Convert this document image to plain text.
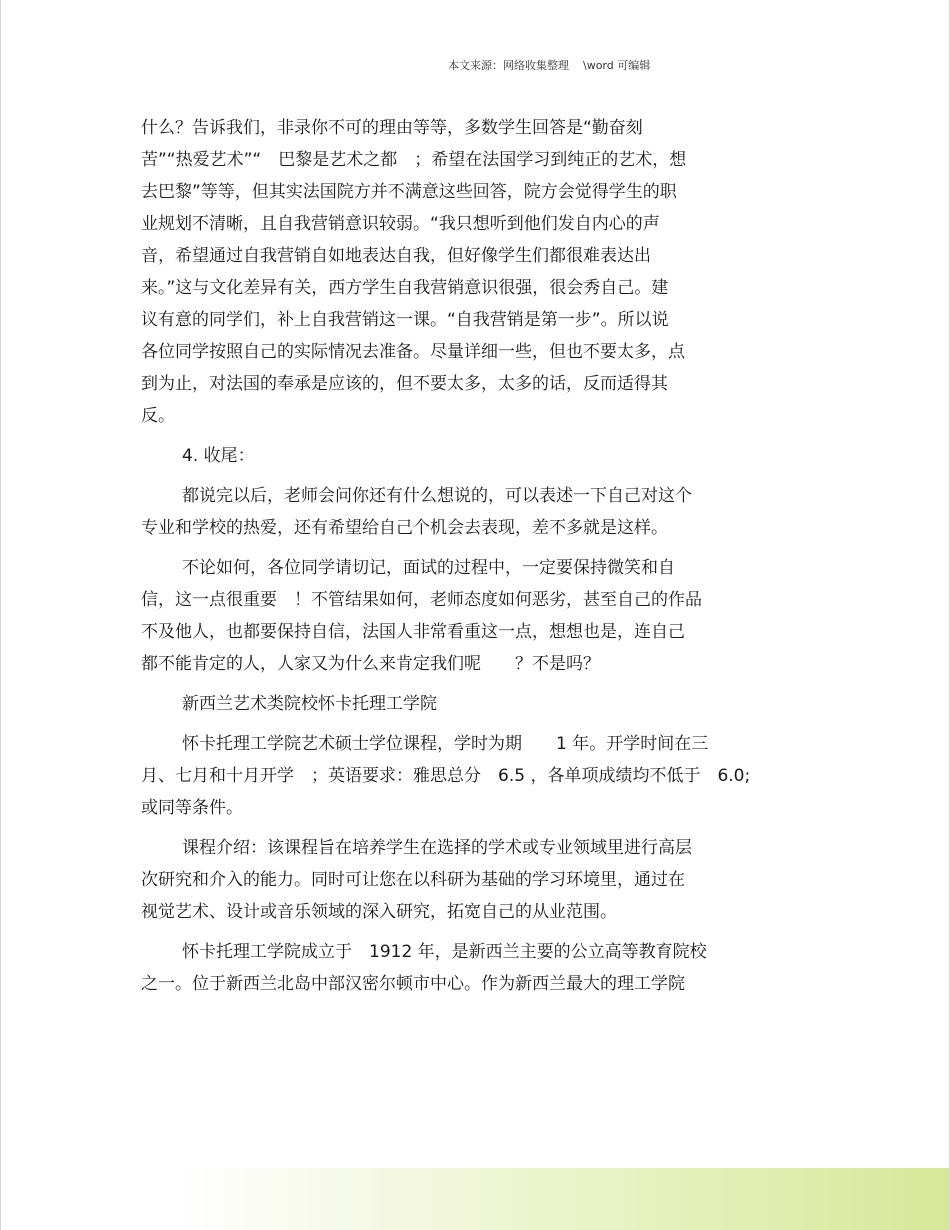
本文来源：网络收集整理 \word 可编辑
什么？告诉我们，非录你不可的理由等等，多数学生回答是“勤奋刻
苦”“热爱艺术”“　巴黎是艺术之都　；希望在法国学习到纯正的艺术，想
去巴黎”等等，但其实法国院方并不满意这些回答，院方会觉得学生的职
业规划不清晰，且自我营销意识较弱。“我只想听到他们发自内心的声
音，希望通过自我营销自如地表达自我，但好像学生们都很难表达出
来。”这与文化差异有关，西方学生自我营销意识很强，很会秀自己。建
议有意的同学们，补上自我营销这一课。“自我营销是第一步”。所以说
各位同学按照自己的实际情况去准备。尽量详细一些，但也不要太多，点
到为止，对法国的奉承是应该的，但不要太多，太多的话，反而适得其
反。
4. 收尾：
都说完以后，老师会问你还有什么想说的，可以表述一下自己对这个
专业和学校的热爱，还有希望给自己个机会去表现，差不多就是这样。
不论如何，各位同学请切记，面试的过程中，一定要保持微笑和自
信，这一点很重要　！不管结果如何，老师态度如何恶劣，甚至自己的作品
不及他人，也都要保持自信，法国人非常看重这一点，想想也是，连自己
都不能肯定的人，人家又为什么来肯定我们呢　　？不是吗？
新西兰艺术类院校怀卡托理工学院
怀卡托理工学院艺术硕士学位课程，学时为期　　1 年。开学时间在三
月、七月和十月开学　；英语要求：雅思总分　6.5 ，各单项成绩均不低于　6.0;
或同等条件。
课程介绍：该课程旨在培养学生在选择的学术或专业领域里进行高层
次研究和介入的能力。同时可让您在以科研为基础的学习环境里，通过在
视觉艺术、设计或音乐领域的深入研究，拓宽自己的从业范围。
怀卡托理工学院成立于　1912 年，是新西兰主要的公立高等教育院校
之一。位于新西兰北岛中部汉密尔顿市中心。作为新西兰最大的理工学院
